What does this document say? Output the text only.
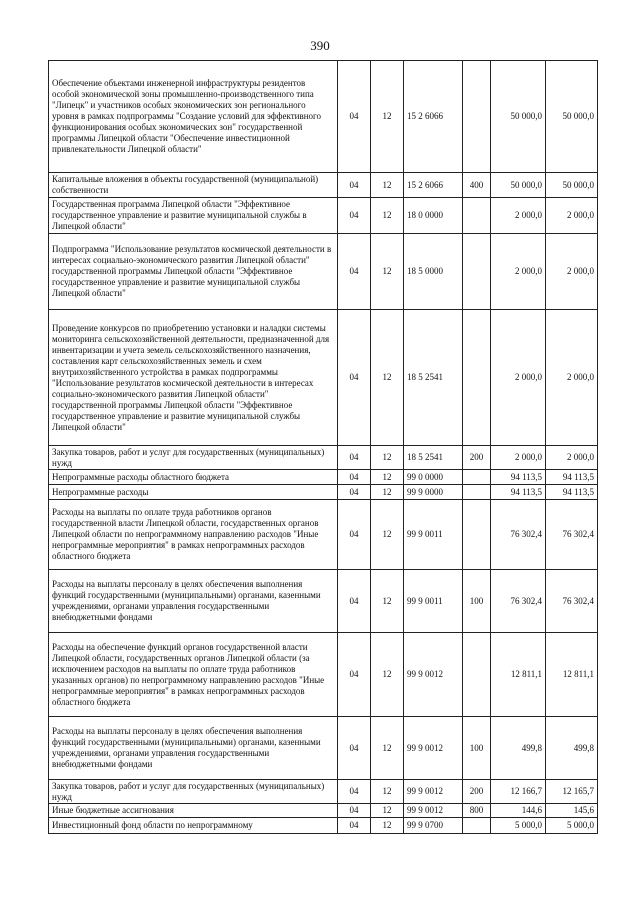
390
Обеспечение объектами инженерной инфраструктуры резидентов особой экономической зоны промышленно-производственного типа "Липецк" и участников особых экономических зон регионального уровня в рамках подпрограммы "Создание условий для эффективного функционирования особых экономических зон" государственной программы Липецкой области "Обеспечение инвестиционной привлекательности Липецкой области"	04	12	15 2 6066		50 000,0	50 000,0
Капитальные вложения в объекты государственной (муниципальной) собственности	04	12	15 2 6066	400	50 000,0	50 000,0
Государственная программа Липецкой области "Эффективное государственное управление и развитие муниципальной службы в Липецкой области"	04	12	18 0 0000		2 000,0	2 000,0
Подпрограмма "Использование результатов космической деятельности в интересах социально-экономического развития Липецкой области" государственной программы Липецкой области "Эффективное государственное управление и развитие муниципальной службы Липецкой области"	04	12	18 5 0000		2 000,0	2 000,0
Проведение конкурсов по приобретению установки и наладки системы мониторинга сельскохозяйственной деятельности, предназначенной для инвентаризации и учета земель сельскохозяйственного назначения, составления карт сельскохозяйственных земель и схем внутрихозяйственного устройства в рамках подпрограммы "Использование результатов космической деятельности в интересах социально-экономического развития Липецкой области" государственной программы Липецкой области "Эффективное государственное управление и развитие муниципальной службы Липецкой области"	04	12	18 5 2541		2 000,0	2 000,0
Закупка товаров, работ и услуг для государственных (муниципальных) нужд	04	12	18 5 2541	200	2 000,0	2 000,0
Непрограммные расходы областного бюджета	04	12	99 0 0000		94 113,5	94 113,5
Непрограммные расходы	04	12	99 9 0000		94 113,5	94 113,5
Расходы на выплаты по оплате труда работников органов государственной власти Липецкой области, государственных органов Липецкой области по непрограммному направлению расходов "Иные непрограммные мероприятия" в рамках непрограммных расходов областного бюджета	04	12	99 9 0011		76 302,4	76 302,4
Расходы на выплаты персоналу в целях обеспечения выполнения функций государственными (муниципальными) органами, казенными учреждениями, органами управления государственными внебюджетными фондами	04	12	99 9 0011	100	76 302,4	76 302,4
Расходы на обеспечение функций органов государственной власти Липецкой области, государственных органов Липецкой области (за исключением расходов на выплаты по оплате труда работников указанных органов) по непрограммному направлению расходов "Иные непрограммные мероприятия" в рамках непрограммных расходов областного бюджета	04	12	99 9 0012		12 811,1	12 811,1
Расходы на выплаты персоналу в целях обеспечения выполнения функций государственными (муниципальными) органами, казенными учреждениями, органами управления государственными внебюджетными фондами	04	12	99 9 0012	100	499,8	499,8
Закупка товаров, работ и услуг для государственных (муниципальных) нужд	04	12	99 9 0012	200	12 166,7	12 165,7
Иные бюджетные ассигнования	04	12	99 9 0012	800	144,6	145,6
Инвестиционный фонд области по непрограммному	04	12	99 9 0700		5 000,0	5 000,0
